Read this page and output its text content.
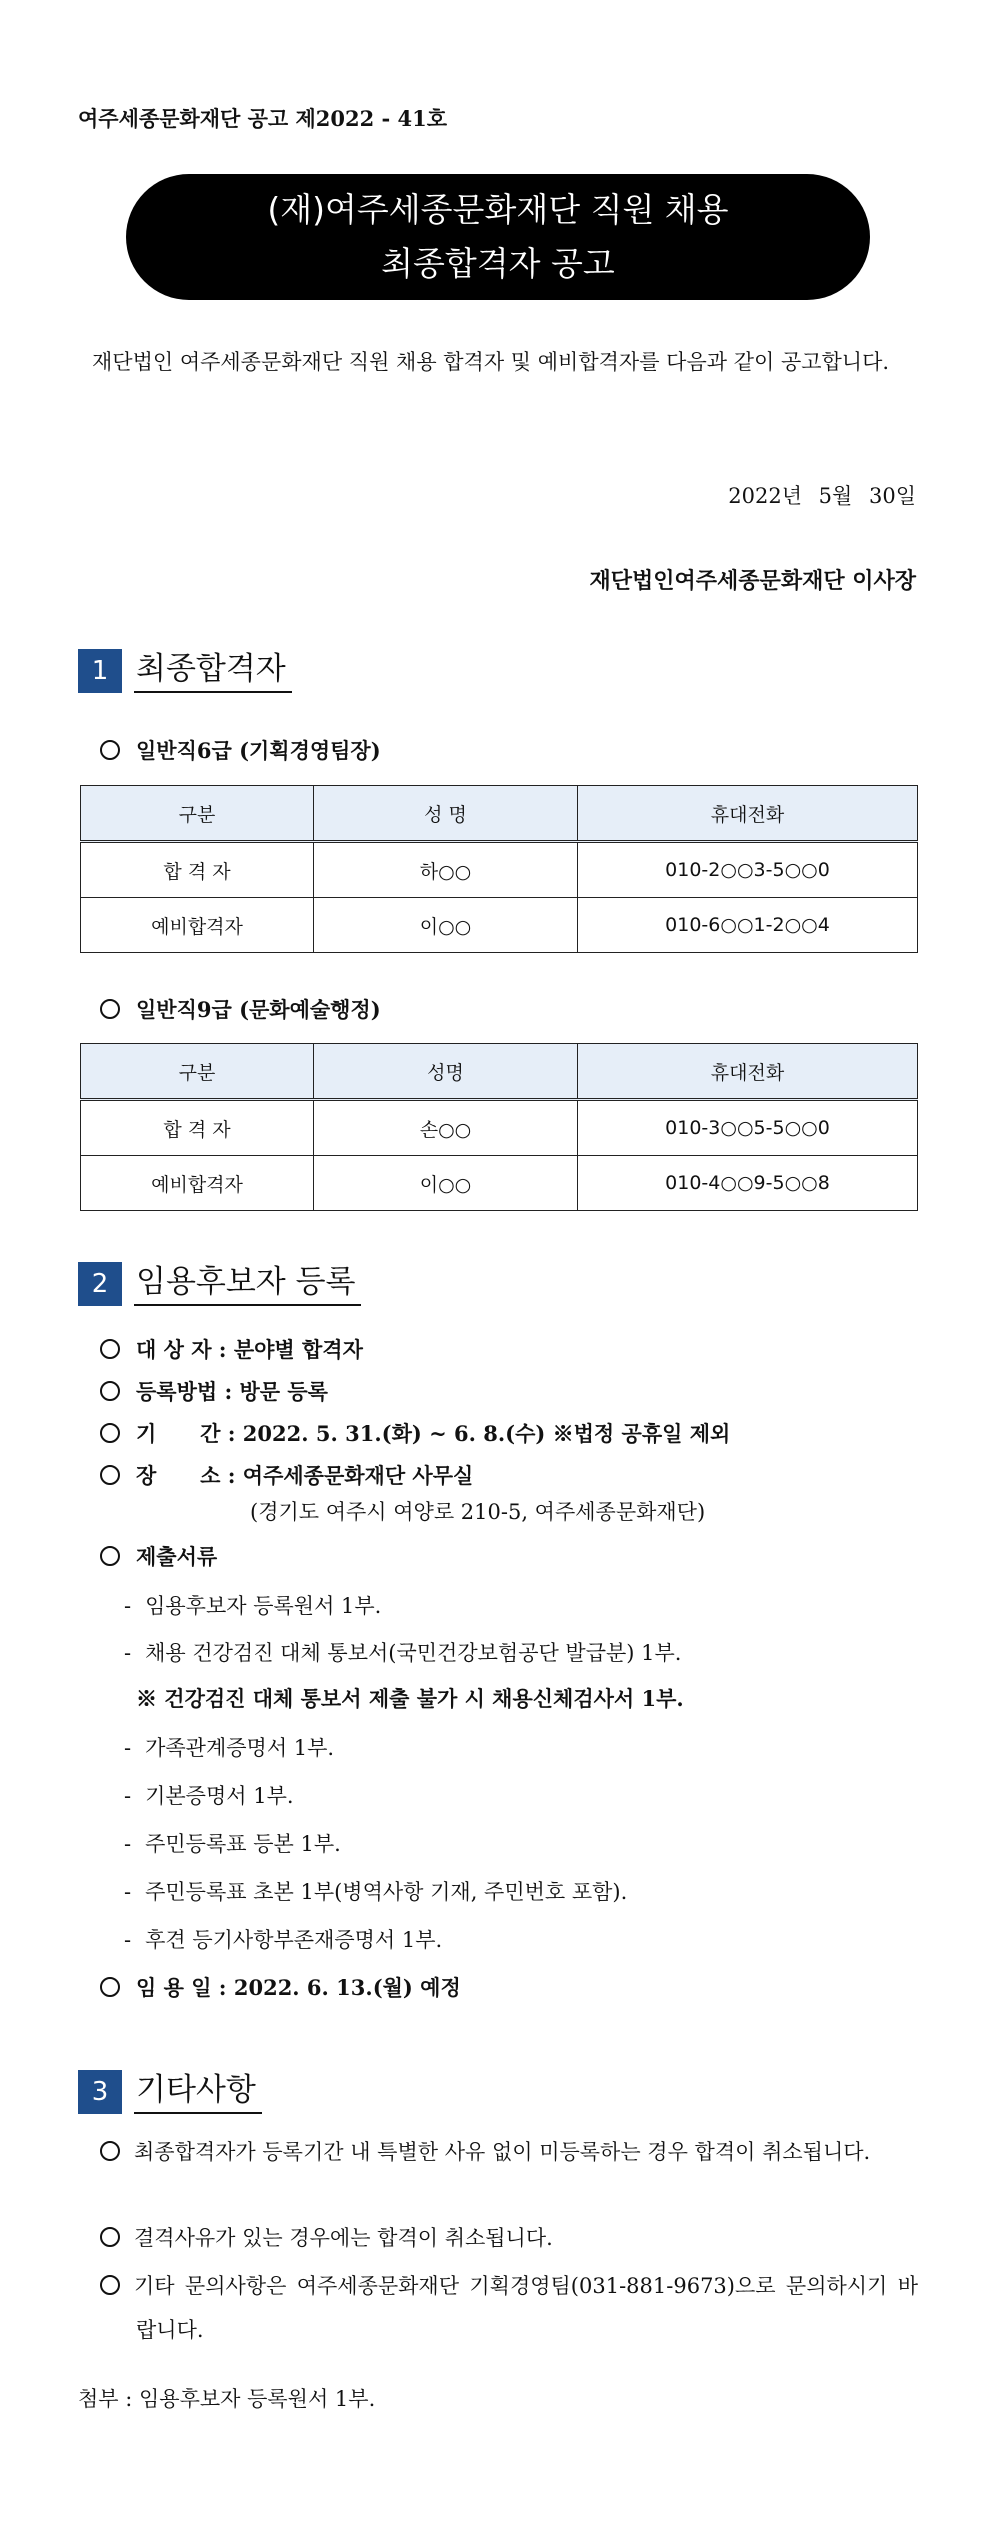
여주세종문화재단 공고 제2022 - 41호
(재)여주세종문화재단 직원 채용
최종합격자 공고
재단법인 여주세종문화재단 직원 채용 합격자 및 예비합격자를 다음과 같이 공고합니다.
2022년 5월 30일
재단법인여주세종문화재단 이사장
1 최종합격자
일반직6급 (기획경영팀장)
구분	성 명	휴대전화
합 격 자	하○○	010-2○○3-5○○0
예비합격자	이○○	010-6○○1-2○○4
일반직9급 (문화예술행정)
구분	성명	휴대전화
합 격 자	손○○	010-3○○5-5○○0
예비합격자	이○○	010-4○○9-5○○8
2 임용후보자 등록
대 상 자 : 분야별 합격자
등록방법 : 방문 등록
기      간 : 2022. 5. 31.(화) ~ 6. 8.(수) ※법정 공휴일 제외
장      소 : 여주세종문화재단 사무실
(경기도 여주시 여양로 210-5, 여주세종문화재단)
제출서류
- 임용후보자 등록원서 1부.
- 채용 건강검진 대체 통보서(국민건강보험공단 발급분) 1부.
※ 건강검진 대체 통보서 제출 불가 시 채용신체검사서 1부.
- 가족관계증명서 1부.
- 기본증명서 1부.
- 주민등록표 등본 1부.
- 주민등록표 초본 1부(병역사항 기재, 주민번호 포함).
- 후견 등기사항부존재증명서 1부.
임 용 일 : 2022. 6. 13.(월) 예정
3 기타사항
최종합격자가 등록기간 내 특별한 사유 없이 미등록하는 경우 합격이 취소됩니다.
결격사유가 있는 경우에는 합격이 취소됩니다.
기타 문의사항은 여주세종문화재단 기획경영팀(031-881-9673)으로 문의하시기 바랍니다.
첨부 : 임용후보자 등록원서 1부.
